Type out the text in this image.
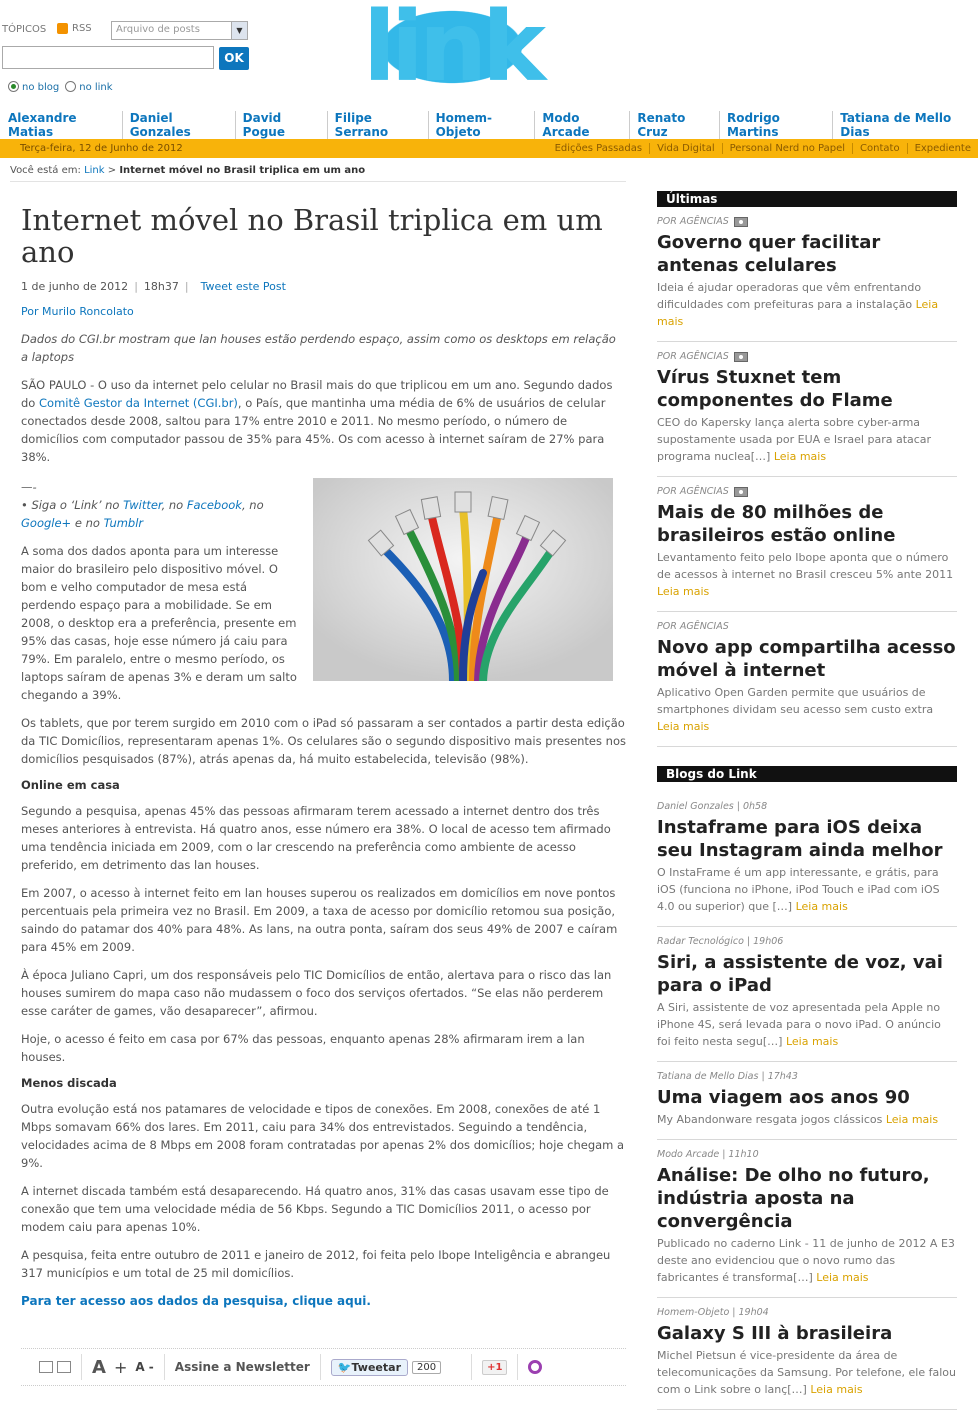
TÓPICOS	RSS	Arquivo de posts	▼
OK
no blog	no link	link
Alexandre Matias
Daniel Gonzales
David Pogue
Filipe Serrano
Homem-Objeto
Modo Arcade
Renato Cruz
Rodrigo Martins
Tatiana de Mello Dias
Terça-feira, 12 de Junho de 2012	Edições Passadas	Vida Digital	Personal Nerd no Papel	Contato	Expediente
Você está em: Link > Internet móvel no Brasil triplica em um ano
Internet móvel no Brasil triplica em um ano
1 de junho de 2012 | 18h37 | Tweet este Post
Por Murilo Roncolato
Dados do CGI.br mostram que lan houses estão perdendo espaço, assim como os desktops em relação a laptops
SÃO PAULO - O uso da internet pelo celular no Brasil mais do que triplicou em um ano. Segundo dados do Comitê Gestor da Internet (CGI.br), o País, que mantinha uma média de 6% de usuários de celular conectados desde 2008, saltou para 17% entre 2010 e 2011. No mesmo período, o número de domicílios com computador passou de 35% para 45%. Os com acesso à internet saíram de 27% para 38%.
—-
• Siga o ‘Link’ no Twitter, no Facebook, no Google+ e no Tumblr
A soma dos dados aponta para um interesse maior do brasileiro pelo dispositivo móvel. O bom e velho computador de mesa está perdendo espaço para a mobilidade. Se em 2008, o desktop era a preferência, presente em 95% das casas, hoje esse número já caiu para 79%. Em paralelo, entre o mesmo período, os laptops saíram de apenas 3% e deram um salto chegando a 39%.
Os tablets, que por terem surgido em 2010 com o iPad só passaram a ser contados a partir desta edição da TIC Domicílios, representaram apenas 1%. Os celulares são o segundo dispositivo mais presentes nos domicílios pesquisados (87%), atrás apenas da, há muito estabelecida, televisão (98%).
Online em casa
Segundo a pesquisa, apenas 45% das pessoas afirmaram terem acessado a internet dentro dos três meses anteriores à entrevista. Há quatro anos, esse número era 38%. O local de acesso tem afirmado uma tendência iniciada em 2009, com o lar crescendo na preferência como ambiente de acesso preferido, em detrimento das lan houses.
Em 2007, o acesso à internet feito em lan houses superou os realizados em domicílios em nove pontos percentuais pela primeira vez no Brasil. Em 2009, a taxa de acesso por domicílio retomou sua posição, saindo do patamar dos 40% para 48%. As lans, na outra ponta, saíram dos seus 49% de 2007 e caíram para 45% em 2009.
À época Juliano Capri, um dos responsáveis pelo TIC Domicílios de então, alertava para o risco das lan houses sumirem do mapa caso não mudassem o foco dos serviços ofertados. “Se elas não perderem esse caráter de games, vão desaparecer”, afirmou.
Hoje, o acesso é feito em casa por 67% das pessoas, enquanto apenas 28% afirmaram irem a lan houses.
Menos discada
Outra evolução está nos patamares de velocidade e tipos de conexões. Em 2008, conexões de até 1 Mbps somavam 66% dos lares. Em 2011, caiu para 34% dos entrevistados. Seguindo a tendência, velocidades acima de 8 Mbps em 2008 foram contratadas por apenas 2% dos domicílios; hoje chegam a 9%.
A internet discada também está desaparecendo. Há quatro anos, 31% das casas usavam esse tipo de conexão que tem uma velocidade média de 56 Kbps. Segundo a TIC Domicílios 2011, o acesso por modem caiu para apenas 10%.
A pesquisa, feita entre outubro de 2011 e janeiro de 2012, foi feita pelo Ibope Inteligência e abrangeu 317 municípios e um total de 25 mil domicílios.
Para ter acesso aos dados da pesquisa, clique aqui.
A + A - Assine a Newsletter	🐦Tweetar	200	+1
Últimas
POR AGÊNCIAS
Governo quer facilitar antenas celulares
Ideia é ajudar operadoras que vêm enfrentando dificuldades com prefeituras para a instalação Leia mais
POR AGÊNCIAS
Vírus Stuxnet tem componentes do Flame
CEO do Kapersky lança alerta sobre cyber-arma supostamente usada por EUA e Israel para atacar programa nuclea[…] Leia mais
POR AGÊNCIAS
Mais de 80 milhões de brasileiros estão online
Levantamento feito pelo Ibope aponta que o número de acessos à internet no Brasil cresceu 5% ante 2011 Leia mais
POR AGÊNCIAS
Novo app compartilha acesso móvel à internet
Aplicativo Open Garden permite que usuários de smartphones dividam seu acesso sem custo extra Leia mais
Blogs do Link
Daniel Gonzales | 0h58
Instaframe para iOS deixa seu Instagram ainda melhor
O InstaFrame é um app interessante, e grátis, para iOS (funciona no iPhone, iPod Touch e iPad com iOS 4.0 ou superior) que […] Leia mais
Radar Tecnológico | 19h06
Siri, a assistente de voz, vai para o iPad
A Siri, assistente de voz apresentada pela Apple no iPhone 4S, será levada para o novo iPad. O anúncio foi feito nesta segu[…] Leia mais
Tatiana de Mello Dias | 17h43
Uma viagem aos anos 90
My Abandonware resgata jogos clássicos Leia mais
Modo Arcade | 11h10
Análise: De olho no futuro, indústria aposta na convergência
Publicado no caderno Link - 11 de junho de 2012 A E3 deste ano evidenciou que o novo rumo das fabricantes é transforma[…] Leia mais
Homem-Objeto | 19h04
Galaxy S III à brasileira
Michel Pietsun é vice-presidente da área de telecomunicações da Samsung. Por telefone, ele falou com o Link sobre o lanç[…] Leia mais
